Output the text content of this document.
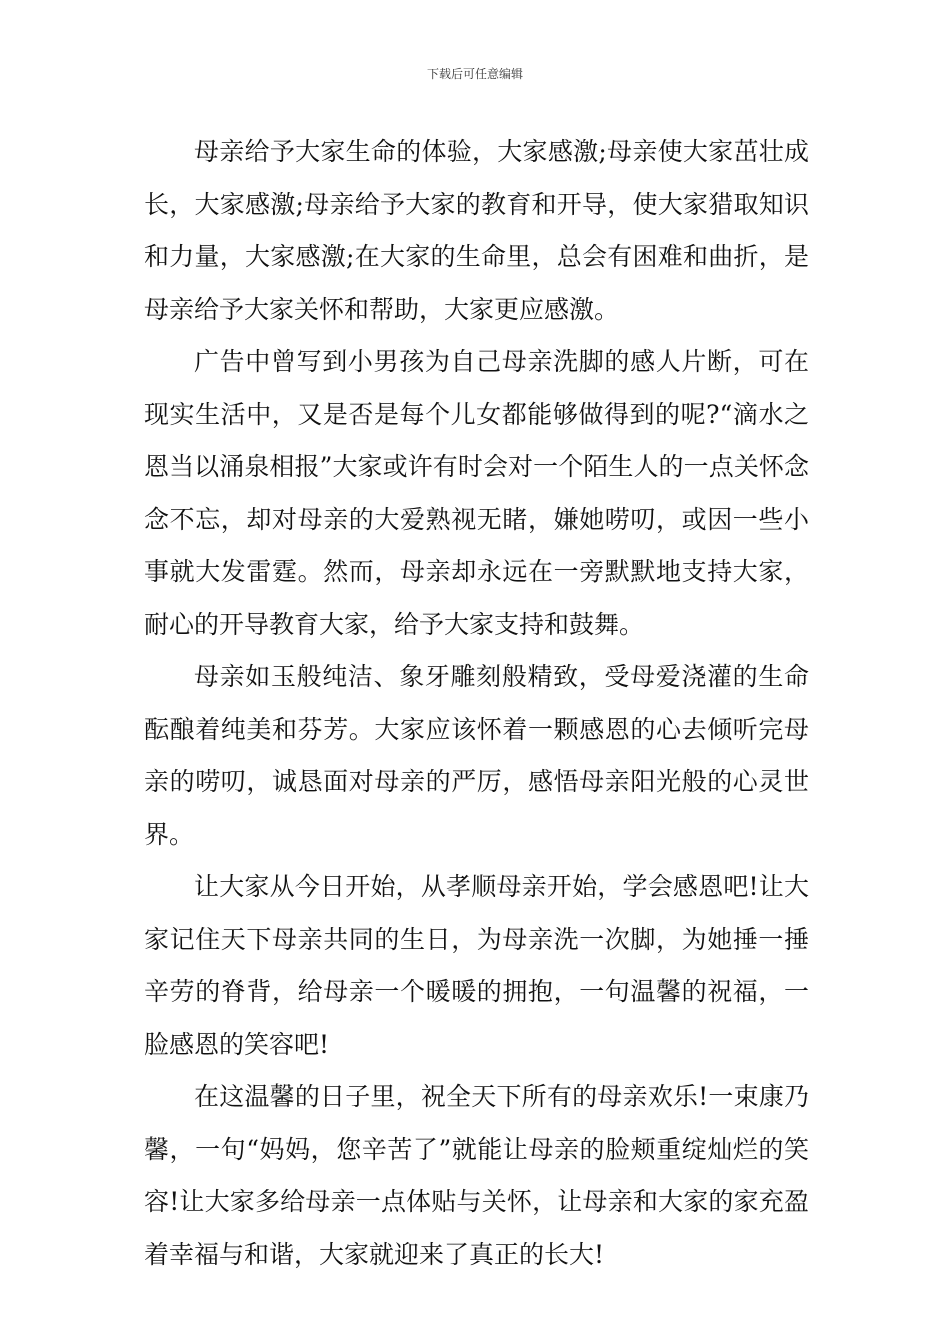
下载后可任意编辑

母亲给予大家生命的体验，大家感激;母亲使大家茁壮成长，大家感激;母亲给予大家的教育和开导，使大家猎取知识和力量，大家感激;在大家的生命里，总会有困难和曲折，是母亲给予大家关怀和帮助，大家更应感激。

广告中曾写到小男孩为自己母亲洗脚的感人片断，可在现实生活中，又是否是每个儿女都能够做得到的呢?“滴水之恩当以涌泉相报”大家或许有时会对一个陌生人的一点关怀念念不忘，却对母亲的大爱熟视无睹，嫌她唠叨，或因一些小事就大发雷霆。然而，母亲却永远在一旁默默地支持大家，耐心的开导教育大家，给予大家支持和鼓舞。

母亲如玉般纯洁、象牙雕刻般精致，受母爱浇灌的生命酝酿着纯美和芬芳。大家应该怀着一颗感恩的心去倾听完母亲的唠叨，诚恳面对母亲的严厉，感悟母亲阳光般的心灵世界。

让大家从今日开始，从孝顺母亲开始，学会感恩吧!让大家记住天下母亲共同的生日，为母亲洗一次脚，为她捶一捶辛劳的脊背，给母亲一个暖暖的拥抱，一句温馨的祝福，一脸感恩的笑容吧!

在这温馨的日子里，祝全天下所有的母亲欢乐!一束康乃馨，一句“妈妈，您辛苦了”就能让母亲的脸颊重绽灿烂的笑容!让大家多给母亲一点体贴与关怀，让母亲和大家的家充盈着幸福与和谐，大家就迎来了真正的长大!
